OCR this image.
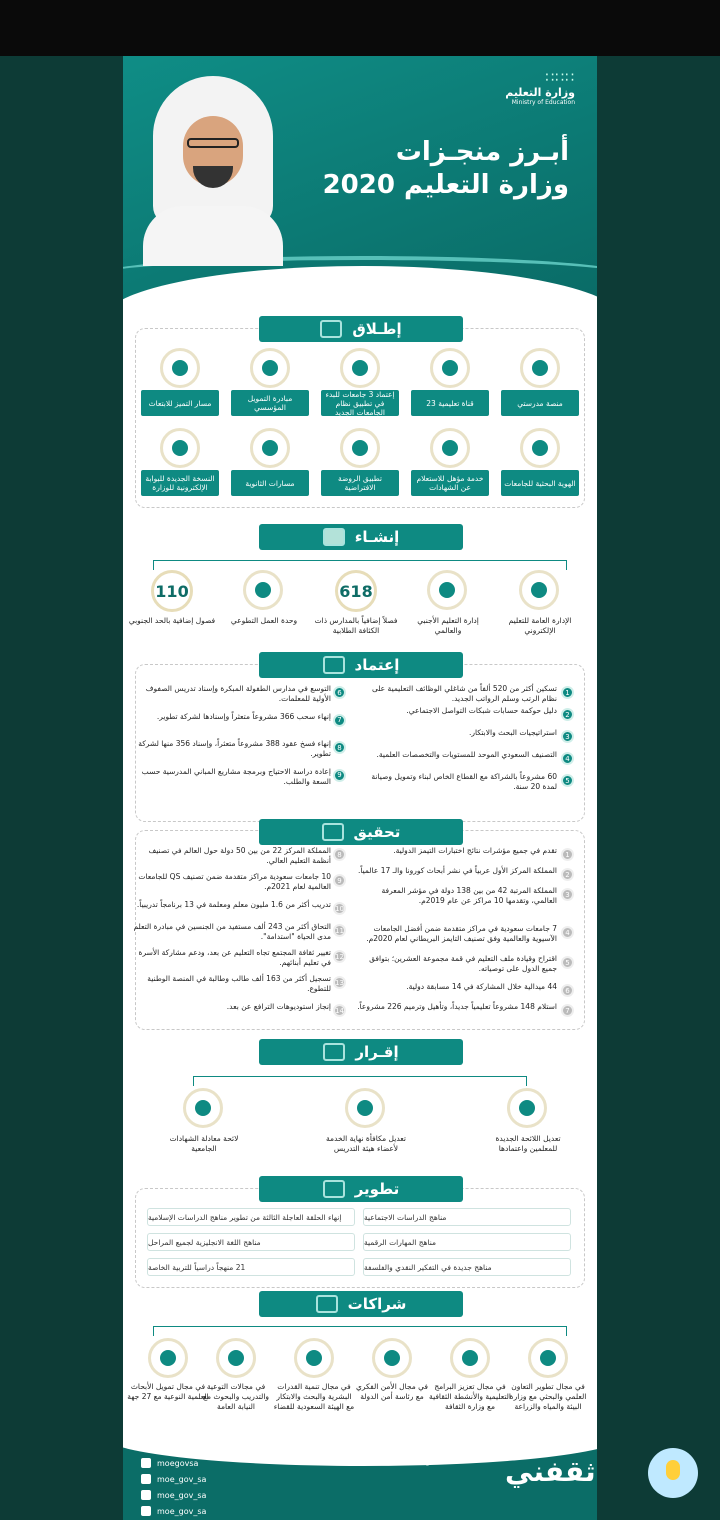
∷∷∷
وزارة التعليم
Ministry of Education
أبـرز منجـزات
وزارة التعليم 2020
إطـلاق
إنشـاء
إعتماد
تحقيق
إقـرار
تطوير
شراكات
moegovsa
moe_gov_sa
moe_gov_sa
moe_gov_sa
منصة مدرستي
23 قناة تعليمية
إعتماد 3 جامعات للبدء في تطبيق نظام الجامعات الجديد
مبادرة التمويل المؤسسي
مسار التميز للابتعاث
الهوية البحثية للجامعات
خدمة مؤهل للاستعلام عن الشهادات
تطبيق الروضة الافتراضية
مسارات الثانوية
النسخة الجديدة للبوابة الإلكترونية للوزارة
الإدارة العامة للتعليم الإلكتروني
إدارة التعليم الأجنبي والعالمي
618
فصلاً إضافياً بالمدارس ذات الكثافة الطلابية
وحدة العمل التطوعي
110
فصول إضافية بالحد الجنوبي
1
تسكين أكثر من 520 ألفاً من شاغلي الوظائف التعليمية على نظام الرتب وسلم الرواتب الجديد.
2
دليل حوكمة حسابات شبكات التواصل الاجتماعي.
3
استراتيجيات البحث والابتكار.
4
التصنيف السعودي الموحد للمستويات والتخصصات العلمية.
5
60 مشروعاً بالشراكة مع القطاع الخاص لبناء وتمويل وصيانة لمدة 20 سنة.
6
التوسع في مدارس الطفولة المبكرة وإسناد تدريس الصفوف الأولية للمعلمات.
7
إنهاء سحب 366 مشروعاً متعثراً وإسنادها لشركة تطوير.
8
إنهاء فسخ عقود 388 مشروعاً متعثراً، وإسناد 356 منها لشركة تطوير.
9
إعادة دراسة الاحتياج وبرمجة مشاريع المباني المدرسية حسب السعة والطلب.
1
تقدم في جميع مؤشرات نتائج اختبارات التيمز الدولية.
2
المملكة المركز الأول عربياً في نشر أبحاث كورونا والـ 17 عالمياً.
3
المملكة المرتبة 42 من بين 138 دولة في مؤشر المعرفة العالمي، وتقدمها 10 مراكز عن عام 2019م.
4
7 جامعات سعودية في مراكز متقدمة ضمن أفضل الجامعات الآسيوية والعالمية وفق تصنيف التايمز البريطاني لعام 2020م.
5
اقتراح وقيادة ملف التعليم في قمة مجموعة العشرين؛ بتوافق جميع الدول على توصياته.
6
44 ميدالية خلال المشاركة في 14 مسابقة دولية.
7
استلام 148 مشروعاً تعليمياً جديداً، وتأهيل وترميم 226 مشروعاً.
8
المملكة المركز 22 من بين 50 دولة حول العالم في تصنيف أنظمة التعليم العالي.
9
10 جامعات سعودية مراكز متقدمة ضمن تصنيف QS للجامعات العالمية لعام 2021م.
10
تدريب أكثر من 1.6 مليون معلم ومعلمة في 13 برنامجاً تدريبياً.
11
التحاق أكثر من 243 ألف مستفيد من الجنسين في مبادرة التعلم مدى الحياة "استدامة".
12
تغيير ثقافة المجتمع تجاه التعليم عن بعد، ودعم مشاركة الأسرة في تعليم أبنائهم.
13
تسجيل أكثر من 163 ألف طالب وطالبة في المنصة الوطنية للتطوع.
14
إنجاز استوديوهات الترافع عن بعد.
تعديل اللائحة الجديدة للمعلمين واعتمادها
تعديل مكافأة نهاية الخدمة لأعضاء هيئة التدريس
لائحة معادلة الشهادات الجامعية
مناهج الدراسات الاجتماعية
مناهج المهارات الرقمية
مناهج جديدة في التفكير النقدي والفلسفة
إنهاء الحلقة العاجلة الثالثة من تطوير مناهج الدراسات الإسلامية
مناهج اللغة الانجليزية لجميع المراحل
21 منهجاً دراسياً للتربية الخاصة
في مجال تطوير التعاون العلمي والبحثي مع وزارة البيئة والمياه والزراعة
في مجال تعزيز البرامج التعليمية والأنشطة الثقافية مع وزارة الثقافة
في مجال الأمن الفكري مع رئاسة أمن الدولة
في مجال تنمية القدرات البشرية والبحث والابتكار مع الهيئة السعودية للقضاء
في مجالات التوعية والتدريب والبحوث مع النيابة العامة
في مجال تمويل الأبحاث العلمية النوعية مع 27 جهة
moe.gov.sa ثقفني
